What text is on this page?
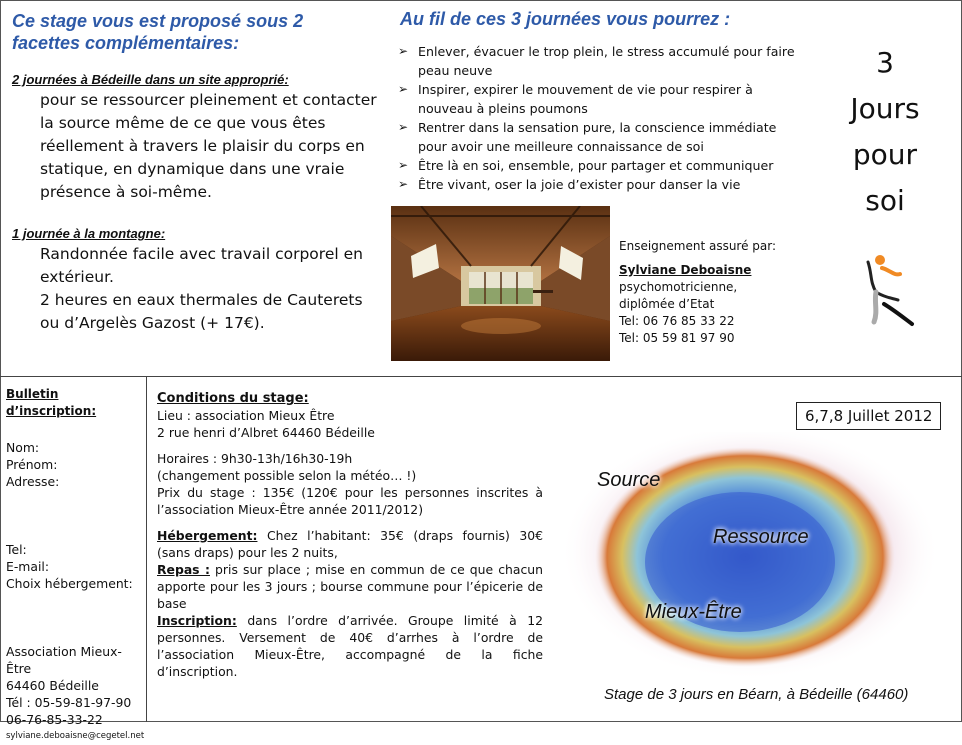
Ce stage vous est proposé sous 2 facettes complémentaires:
2 journées à Bédeille dans un site approprié:
pour se ressourcer pleinement et contacter la source même de ce que vous êtes réellement à travers le plaisir du corps en statique, en dynamique dans une vraie présence à soi-même.
1 journée à la montagne:
Randonnée facile avec travail corporel en extérieur.
2 heures en eaux thermales de Cauterets ou d’Argelès Gazost (+ 17€).
Au fil de ces 3 journées vous pourrez :
➢ Enlever, évacuer le trop plein, le stress accumulé pour faire peau neuve
➢ Inspirer, expirer le mouvement de vie pour respirer à nouveau à pleins poumons
➢ Rentrer dans la sensation pure, la conscience immédiate pour avoir une meilleure connaissance de soi
➢ Être là en soi, ensemble, pour partager et communiquer
➢ Être vivant, oser la joie d’exister pour danser la vie
Enseignement assuré par:
Sylviane Deboaisne
psychomotricienne,
diplômée d’Etat
Tel: 06 76 85 33 22
Tel: 05 59 81 97 90
3
Jours
pour
soi
Bulletin d’inscription:
Nom:
Prénom:
Adresse:
Tel:
E-mail:
Choix hébergement:
Association Mieux-Être
64460 Bédeille
Tél : 05-59-81-97-90
06-76-85-33-22
sylviane.deboaisne@cegetel.net
Conditions du stage:
Lieu : association Mieux Être
2 rue henri d’Albret 64460 Bédeille
Horaires : 9h30-13h/16h30-19h
(changement possible selon la météo… !)
Prix du stage : 135€ (120€ pour les personnes inscrites à l’association Mieux-Être année 2011/2012)
Hébergement: Chez l’habitant: 35€ (draps fournis) 30€ (sans draps) pour les 2 nuits,
Repas : pris sur place ; mise en commun de ce que chacun apporte pour les 3 jours ; bourse commune pour l’épicerie de base
Inscription: dans l’ordre d’arrivée. Groupe limité à 12 personnes. Versement de 40€ d’arrhes à l’ordre de l’association Mieux-Être, accompagné de la fiche d’inscription.
6,7,8 Juillet 2012
Source
Ressource
Mieux-Être
Stage de 3 jours en Béarn, à Bédeille (64460)
